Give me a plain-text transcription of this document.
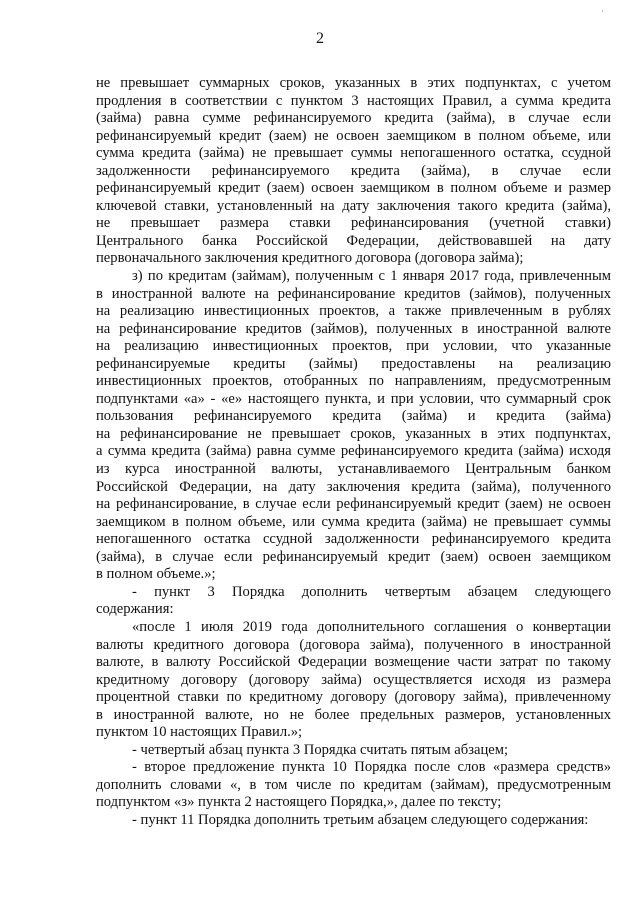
·
2
не превышает суммарных сроков, указанных в этих подпунктах, с учетом
продления в соответствии с пунктом 3 настоящих Правил, а сумма кредита
(займа) равна сумме рефинансируемого кредита (займа), в случае если
рефинансируемый кредит (заем) не освоен заемщиком в полном объеме, или
сумма кредита (займа) не превышает суммы непогашенного остатка, ссудной
задолженности рефинансируемого кредита (займа), в случае если
рефинансируемый кредит (заем) освоен заемщиком в полном объеме и размер
ключевой ставки, установленный на дату заключения такого кредита (займа),
не превышает размера ставки рефинансирования (учетной ставки)
Центрального банка Российской Федерации, действовавшей на дату
первоначального заключения кредитного договора (договора займа);
з) по кредитам (займам), полученным с 1 января 2017 года, привлеченным
в иностранной валюте на рефинансирование кредитов (займов), полученных
на реализацию инвестиционных проектов, а также привлеченным в рублях
на рефинансирование кредитов (займов), полученных в иностранной валюте
на реализацию инвестиционных проектов, при условии, что указанные
рефинансируемые кредиты (займы) предоставлены на реализацию
инвестиционных проектов, отобранных по направлениям, предусмотренным
подпунктами «а» - «е» настоящего пункта, и при условии, что суммарный срок
пользования рефинансируемого кредита (займа) и кредита (займа)
на рефинансирование не превышает сроков, указанных в этих подпунктах,
а сумма кредита (займа) равна сумме рефинансируемого кредита (займа) исходя
из курса иностранной валюты, устанавливаемого Центральным банком
Российской Федерации, на дату заключения кредита (займа), полученного
на рефинансирование, в случае если рефинансируемый кредит (заем) не освоен
заемщиком в полном объеме, или сумма кредита (займа) не превышает суммы
непогашенного остатка ссудной задолженности рефинансируемого кредита
(займа), в случае если рефинансируемый кредит (заем) освоен заемщиком
в полном объеме.»;
- пункт 3 Порядка дополнить четвертым абзацем следующего
содержания:
«после 1 июля 2019 года дополнительного соглашения о конвертации
валюты кредитного договора (договора займа), полученного в иностранной
валюте, в валюту Российской Федерации возмещение части затрат по такому
кредитному договору (договору займа) осуществляется исходя из размера
процентной ставки по кредитному договору (договору займа), привлеченному
в иностранной валюте, но не более предельных размеров, установленных
пунктом 10 настоящих Правил.»;
- четвертый абзац пункта 3 Порядка считать пятым абзацем;
- второе предложение пункта 10 Порядка после слов «размера средств»
дополнить словами «, в том числе по кредитам (займам), предусмотренным
подпунктом «з» пункта 2 настоящего Порядка,», далее по тексту;
- пункт 11 Порядка дополнить третьим абзацем следующего содержания:
